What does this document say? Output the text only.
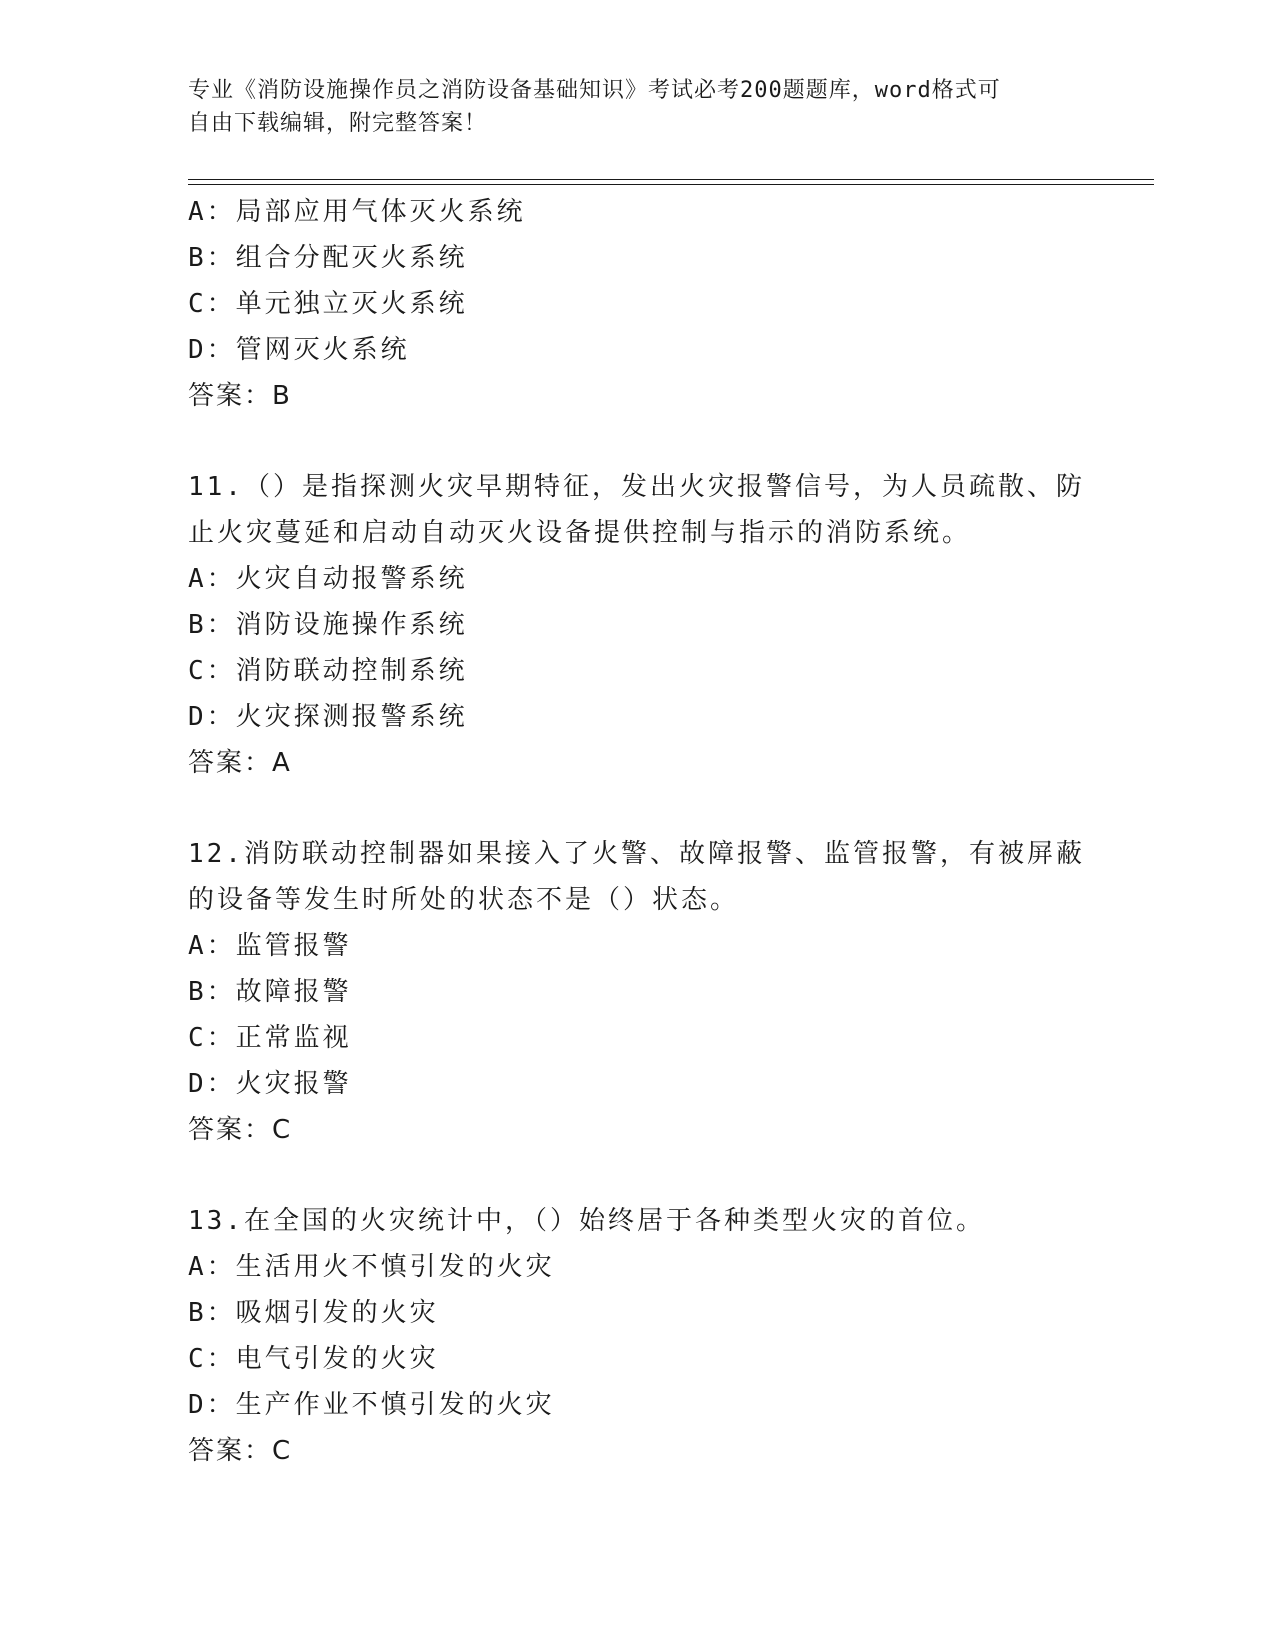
专业《消防设施操作员之消防设备基础知识》考试必考200题题库，word格式可
自由下载编辑，附完整答案！
A：局部应用气体灭火系统
B：组合分配灭火系统
C：单元独立灭火系统
D：管网灭火系统
答案：B
11.（）是指探测火灾早期特征，发出火灾报警信号，为人员疏散、防
止火灾蔓延和启动自动灭火设备提供控制与指示的消防系统。
A：火灾自动报警系统
B：消防设施操作系统
C：消防联动控制系统
D：火灾探测报警系统
答案：A
12.消防联动控制器如果接入了火警、故障报警、监管报警，有被屏蔽
的设备等发生时所处的状态不是（）状态。
A：监管报警
B：故障报警
C：正常监视
D：火灾报警
答案：C
13.在全国的火灾统计中，（）始终居于各种类型火灾的首位。
A：生活用火不慎引发的火灾
B：吸烟引发的火灾
C：电气引发的火灾
D：生产作业不慎引发的火灾
答案：C
